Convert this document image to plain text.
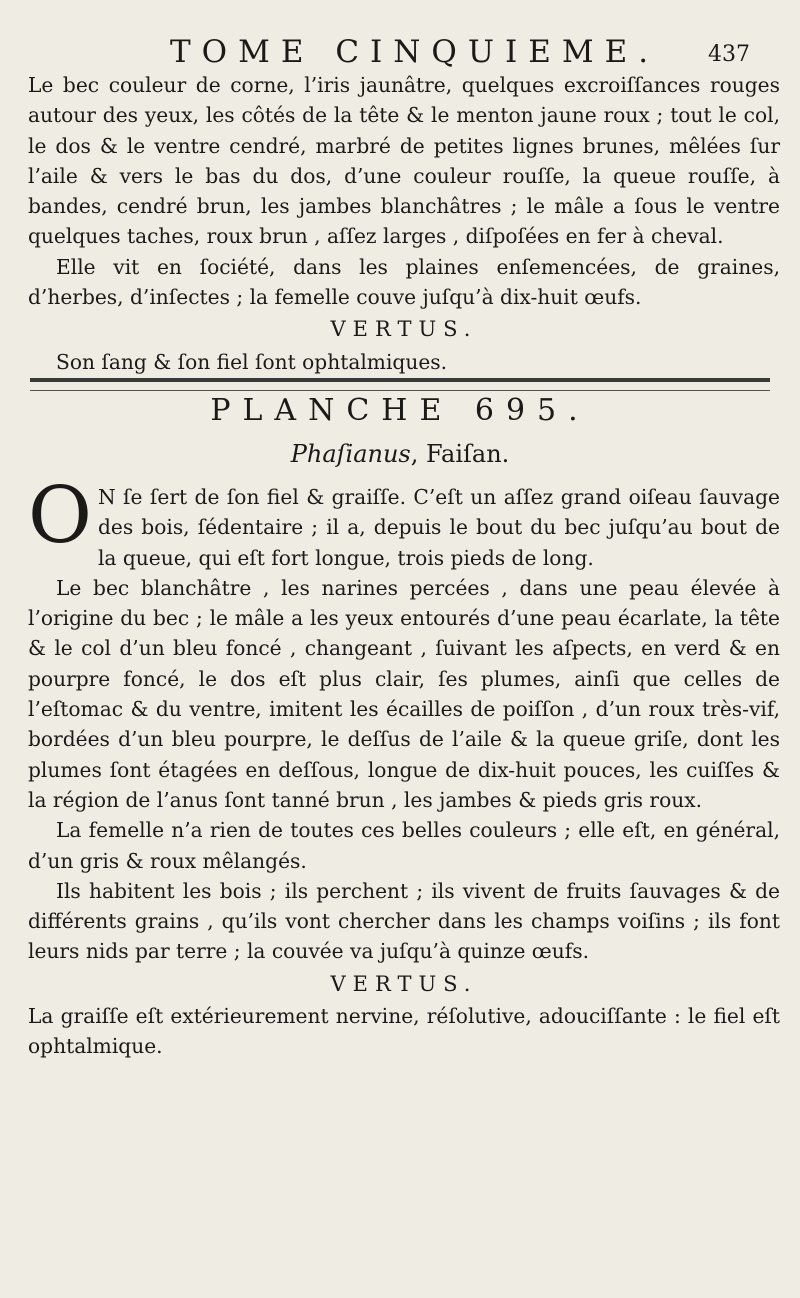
TOME CINQUIEME. 437

Le bec couleur de corne, l’iris jaunâtre, quelques excroiſſances rouges autour des yeux, les côtés de la tête & le menton jaune roux ; tout le col, le dos & le ventre cendré, marbré de petites lignes brunes, mêlées ſur l’aile & vers le bas du dos, d’une couleur rouſſe, la queue rouſſe, à bandes, cendré brun, les jambes blanchâtres ; le mâle a ſous le ventre quelques taches, roux brun , aſſez larges , diſpoſées en fer à cheval.

Elle vit en ſociété, dans les plaines enſemencées, de graines, d’herbes, d’inſectes ; la femelle couve juſqu’à dix-huit œufs.

VERTUS.

Son ſang & ſon fiel ſont ophtalmiques.

PLANCHE 695.
Phaſianus, Faiſan.

O N ſe ſert de ſon fiel & graiſſe. C’eſt un aſſez grand oiſeau ſauvage des bois, ſédentaire ; il a, depuis le bout du bec juſqu’au bout de la queue, qui eſt fort longue, trois pieds de long.

Le bec blanchâtre , les narines percées , dans une peau élevée à l’origine du bec ; le mâle a les yeux entourés d’une peau écarlate, la tête & le col d’un bleu foncé , changeant , ſuivant les aſpects, en verd & en pourpre foncé, le dos eſt plus clair, ſes plumes, ainſi que celles de l’eſtomac & du ventre, imitent les écailles de poiſſon , d’un roux très-vif, bordées d’un bleu pourpre, le deſſus de l’aile & la queue griſe, dont les plumes ſont étagées en deſſous, longue de dix-huit pouces, les cuiſſes & la région de l’anus ſont tanné brun , les jambes & pieds gris roux.

La femelle n’a rien de toutes ces belles couleurs ; elle eſt, en général, d’un gris & roux mêlangés.

Ils habitent les bois ; ils perchent ; ils vivent de fruits ſauvages & de différents grains , qu’ils vont chercher dans les champs voiſins ; ils font leurs nids par terre ; la couvée va juſqu’à quinze œufs.

VERTUS.

La graiſſe eſt extérieurement nervine, réſolutive, adouciſſante : le fiel eſt ophtalmique.
